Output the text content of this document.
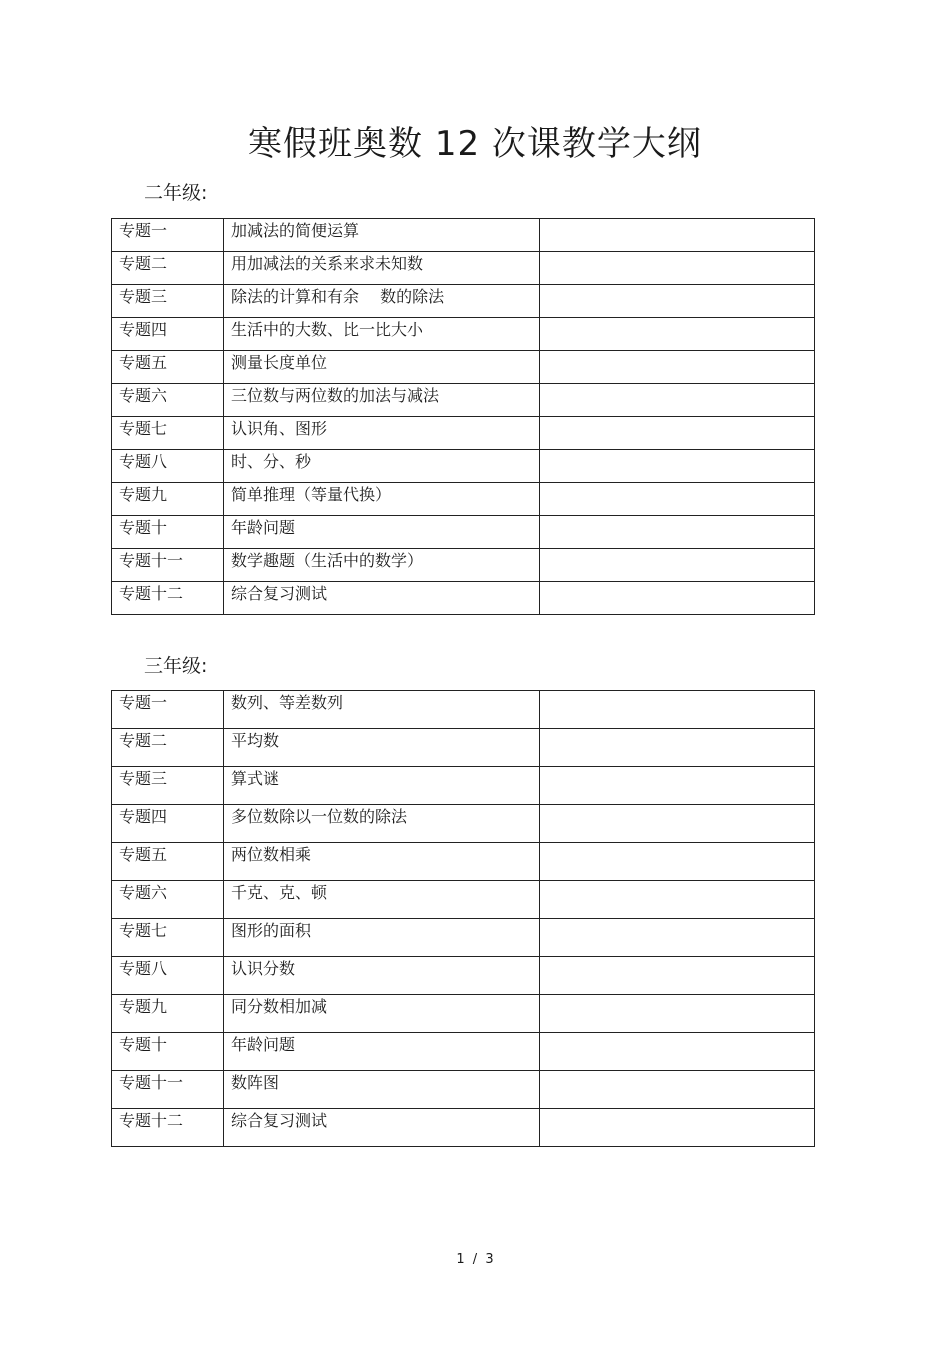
寒假班奥数 12 次课教学大纲
二年级:
专题一	加减法的简便运算	
专题二	用加减法的关系来求未知数	
专题三	除法的计算和有余　 数的除法	
专题四	生活中的大数、比一比大小	
专题五	测量长度单位	
专题六	三位数与两位数的加法与减法	
专题七	认识角、图形	
专题八	时、分、秒	
专题九	简单推理（等量代换）	
专题十	年龄问题	
专题十一	数学趣题（生活中的数学）	
专题十二	综合复习测试	
三年级:
专题一	数列、等差数列	
专题二	平均数	
专题三	算式谜	
专题四	多位数除以一位数的除法	
专题五	两位数相乘	
专题六	千克、克、顿	
专题七	图形的面积	
专题八	认识分数	
专题九	同分数相加减	
专题十	年龄问题	
专题十一	数阵图	
专题十二	综合复习测试	
1 / 3
